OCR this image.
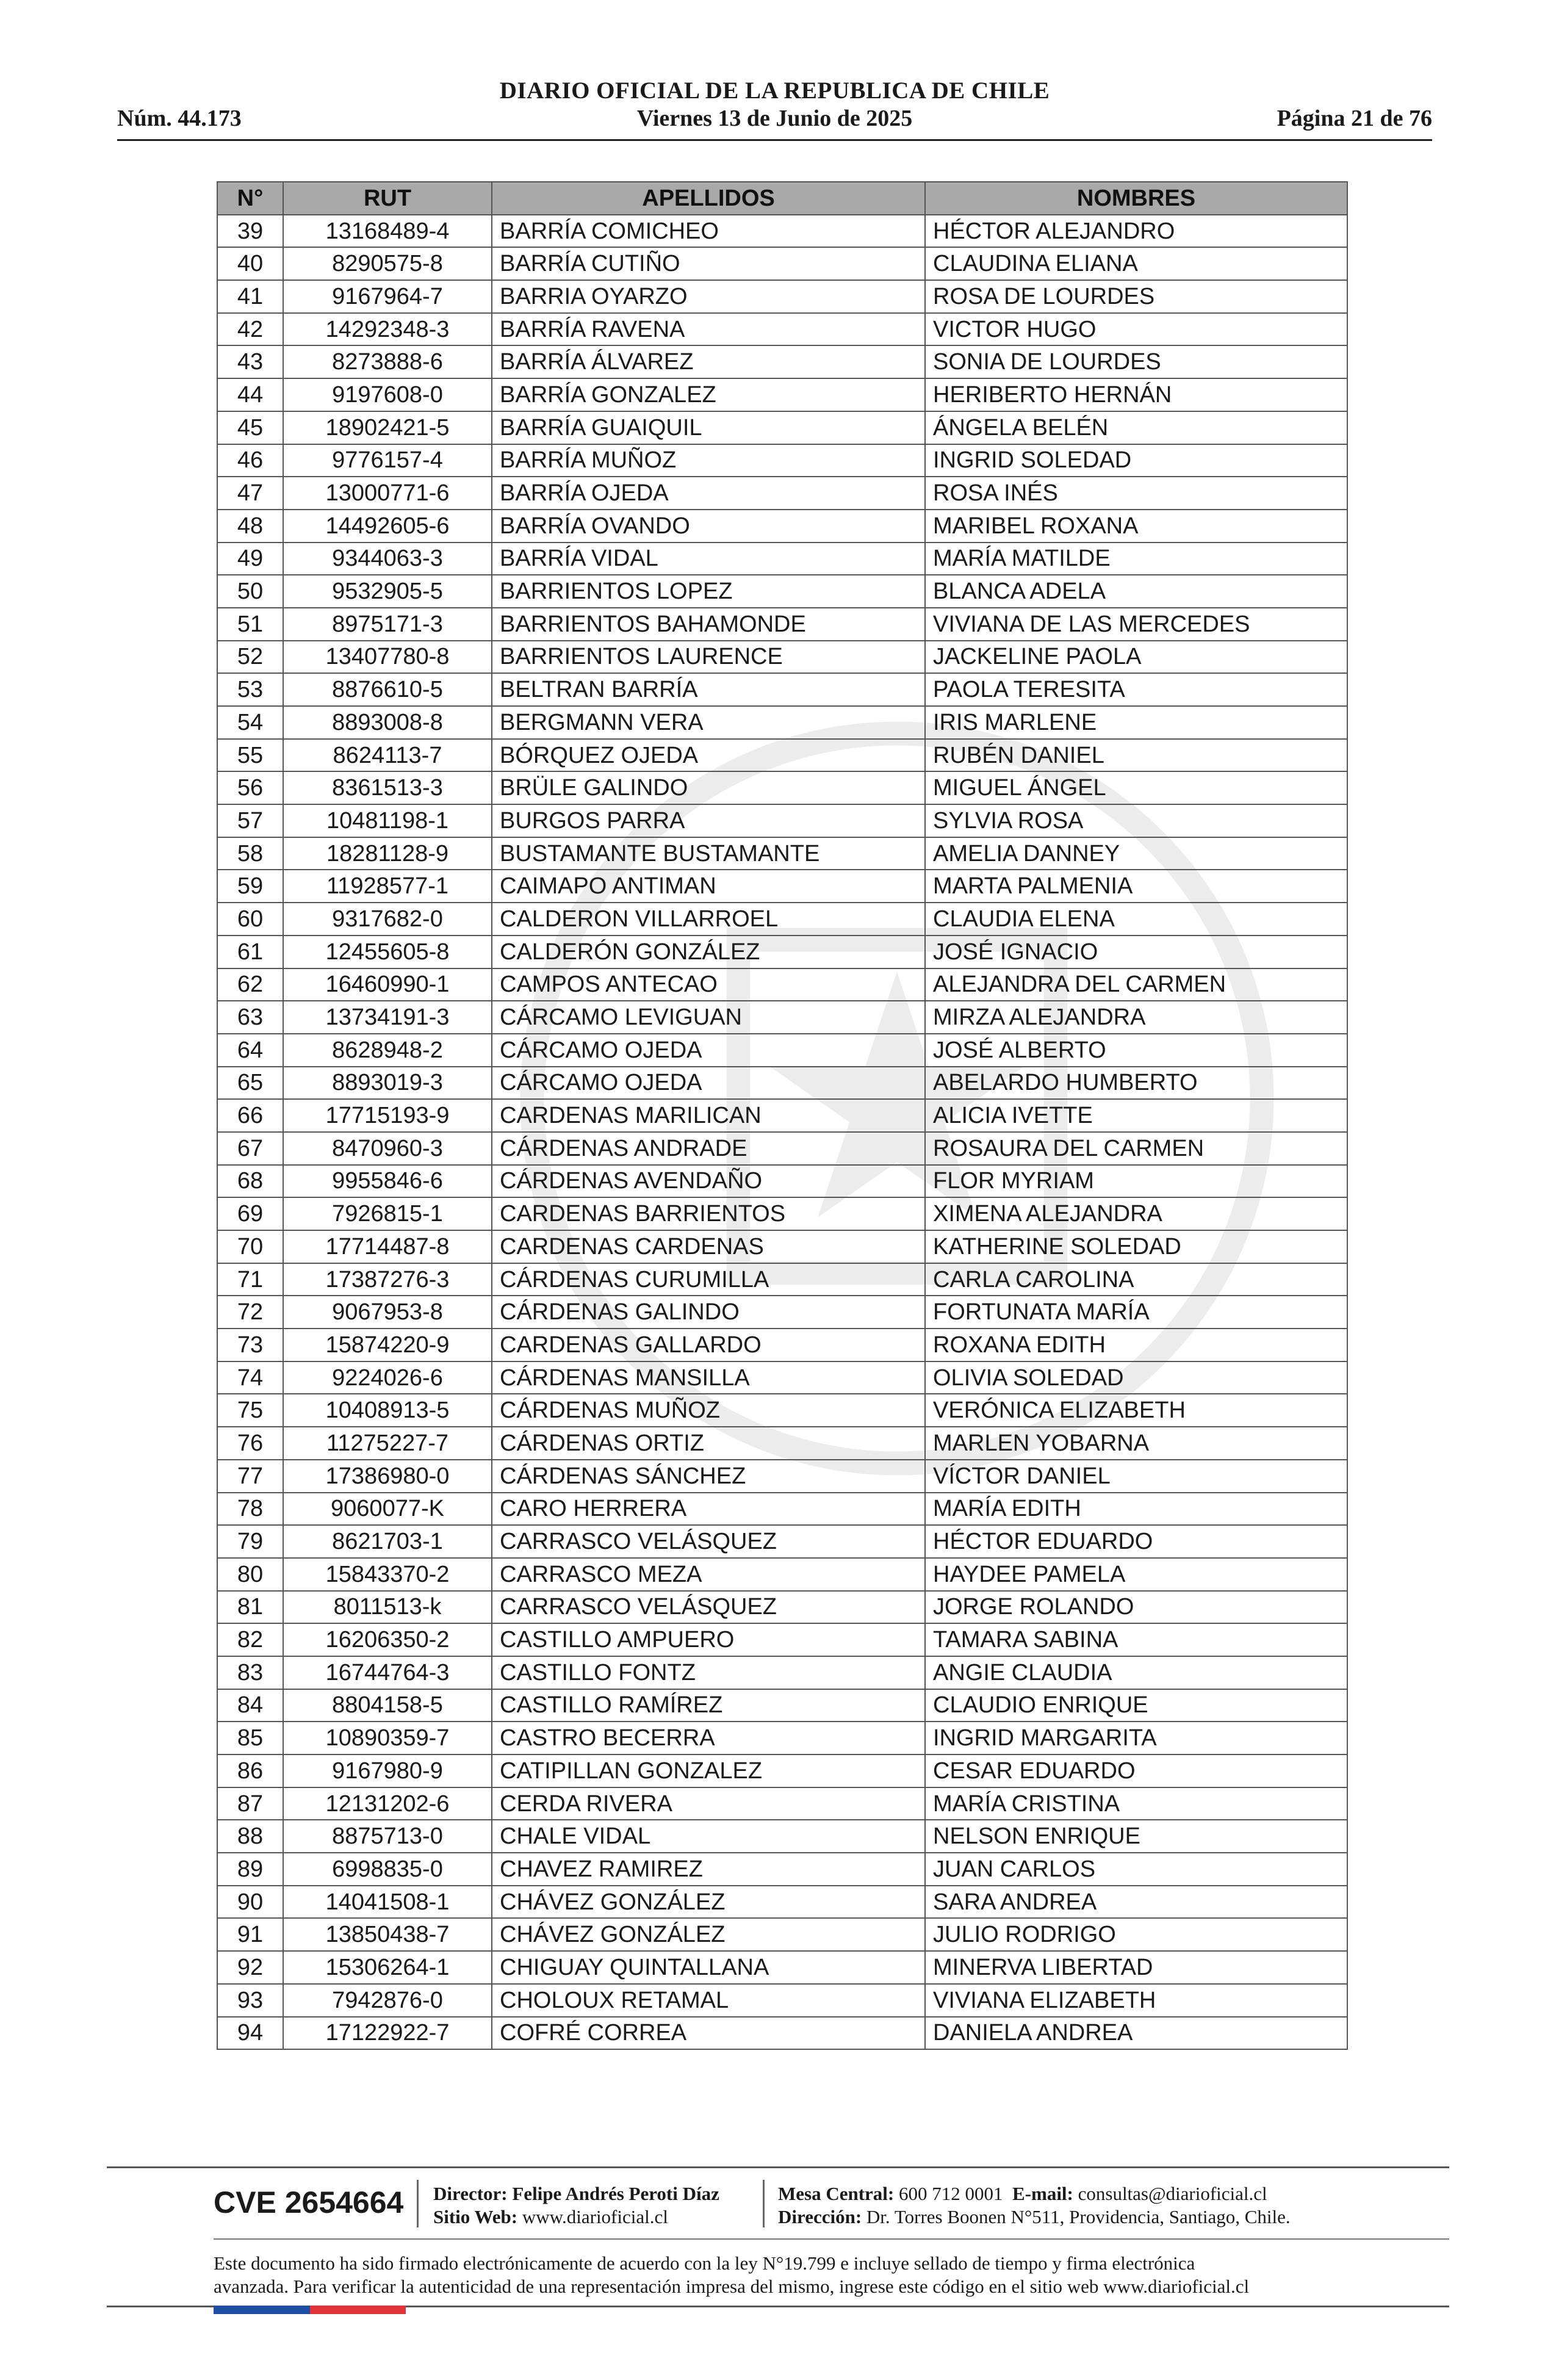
DIARIO OFICIAL DE LA REPUBLICA DE CHILE
Núm. 44.173	Viernes 13 de Junio de 2025	Página 21 de 76
N°	RUT	APELLIDOS	NOMBRES
39	13168489-4	BARRÍA COMICHEO	HÉCTOR ALEJANDRO
40	8290575-8	BARRÍA CUTIÑO	CLAUDINA ELIANA
41	9167964-7	BARRIA OYARZO	ROSA DE LOURDES
42	14292348-3	BARRÍA RAVENA	VICTOR HUGO
43	8273888-6	BARRÍA ÁLVAREZ	SONIA DE LOURDES
44	9197608-0	BARRÍA GONZALEZ	HERIBERTO HERNÁN
45	18902421-5	BARRÍA GUAIQUIL	ÁNGELA BELÉN
46	9776157-4	BARRÍA MUÑOZ	INGRID SOLEDAD
47	13000771-6	BARRÍA OJEDA	ROSA INÉS
48	14492605-6	BARRÍA OVANDO	MARIBEL ROXANA
49	9344063-3	BARRÍA VIDAL	MARÍA MATILDE
50	9532905-5	BARRIENTOS LOPEZ	BLANCA ADELA
51	8975171-3	BARRIENTOS BAHAMONDE	VIVIANA DE LAS MERCEDES
52	13407780-8	BARRIENTOS LAURENCE	JACKELINE PAOLA
53	8876610-5	BELTRAN BARRÍA	PAOLA TERESITA
54	8893008-8	BERGMANN VERA	IRIS MARLENE
55	8624113-7	BÓRQUEZ OJEDA	RUBÉN DANIEL
56	8361513-3	BRÜLE GALINDO	MIGUEL ÁNGEL
57	10481198-1	BURGOS PARRA	SYLVIA ROSA
58	18281128-9	BUSTAMANTE BUSTAMANTE	AMELIA DANNEY
59	11928577-1	CAIMAPO ANTIMAN	MARTA PALMENIA
60	9317682-0	CALDERON VILLARROEL	CLAUDIA ELENA
61	12455605-8	CALDERÓN GONZÁLEZ	JOSÉ IGNACIO
62	16460990-1	CAMPOS ANTECAO	ALEJANDRA DEL CARMEN
63	13734191-3	CÁRCAMO LEVIGUAN	MIRZA ALEJANDRA
64	8628948-2	CÁRCAMO OJEDA	JOSÉ ALBERTO
65	8893019-3	CÁRCAMO OJEDA	ABELARDO HUMBERTO
66	17715193-9	CARDENAS MARILICAN	ALICIA IVETTE
67	8470960-3	CÁRDENAS ANDRADE	ROSAURA DEL CARMEN
68	9955846-6	CÁRDENAS AVENDAÑO	FLOR MYRIAM
69	7926815-1	CARDENAS BARRIENTOS	XIMENA ALEJANDRA
70	17714487-8	CARDENAS CARDENAS	KATHERINE SOLEDAD
71	17387276-3	CÁRDENAS CURUMILLA	CARLA CAROLINA
72	9067953-8	CÁRDENAS GALINDO	FORTUNATA MARÍA
73	15874220-9	CARDENAS GALLARDO	ROXANA EDITH
74	9224026-6	CÁRDENAS MANSILLA	OLIVIA SOLEDAD
75	10408913-5	CÁRDENAS MUÑOZ	VERÓNICA ELIZABETH
76	11275227-7	CÁRDENAS ORTIZ	MARLEN YOBARNA
77	17386980-0	CÁRDENAS SÁNCHEZ	VÍCTOR DANIEL
78	9060077-K	CARO HERRERA	MARÍA EDITH
79	8621703-1	CARRASCO VELÁSQUEZ	HÉCTOR EDUARDO
80	15843370-2	CARRASCO MEZA	HAYDEE PAMELA
81	8011513-k	CARRASCO VELÁSQUEZ	JORGE ROLANDO
82	16206350-2	CASTILLO AMPUERO	TAMARA SABINA
83	16744764-3	CASTILLO FONTZ	ANGIE CLAUDIA
84	8804158-5	CASTILLO RAMÍREZ	CLAUDIO ENRIQUE
85	10890359-7	CASTRO BECERRA	INGRID MARGARITA
86	9167980-9	CATIPILLAN GONZALEZ	CESAR EDUARDO
87	12131202-6	CERDA RIVERA	MARÍA CRISTINA
88	8875713-0	CHALE VIDAL	NELSON ENRIQUE
89	6998835-0	CHAVEZ RAMIREZ	JUAN CARLOS
90	14041508-1	CHÁVEZ GONZÁLEZ	SARA ANDREA
91	13850438-7	CHÁVEZ GONZÁLEZ	JULIO RODRIGO
92	15306264-1	CHIGUAY QUINTALLANA	MINERVA LIBERTAD
93	7942876-0	CHOLOUX RETAMAL	VIVIANA ELIZABETH
94	17122922-7	COFRÉ CORREA	DANIELA ANDREA
CVE 2654664 Director: Felipe Andrés Peroti Díaz
Sitio Web: www.diarioficial.cl
Mesa Central: 600 712 0001 E-mail: consultas@diarioficial.cl
Dirección: Dr. Torres Boonen N°511, Providencia, Santiago, Chile.
Este documento ha sido firmado electrónicamente de acuerdo con la ley N°19.799 e incluye sellado de tiempo y firma electrónica
avanzada. Para verificar la autenticidad de una representación impresa del mismo, ingrese este código en el sitio web www.diarioficial.cl
